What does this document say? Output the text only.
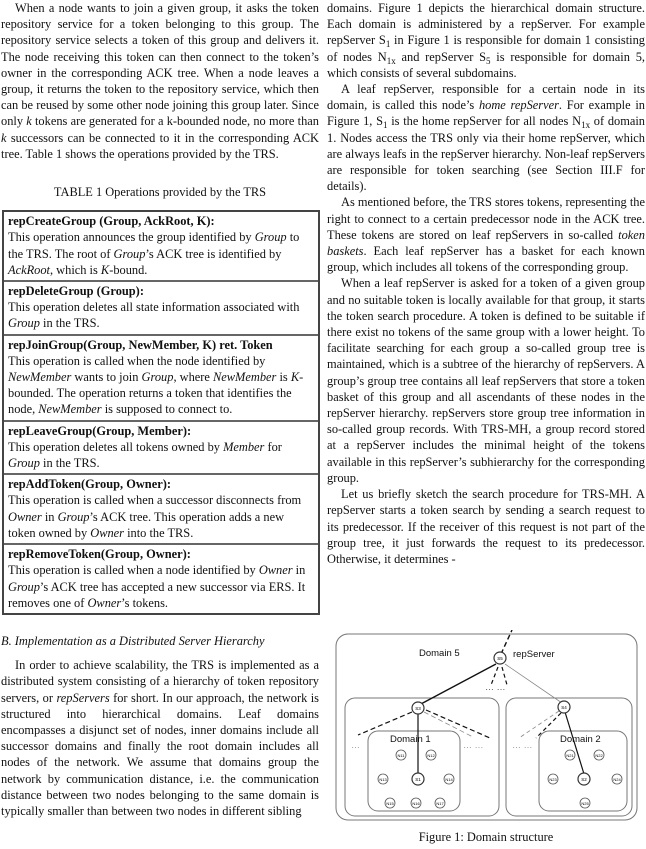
When a node wants to join a given group, it asks the token repository service for a token belonging to this group. The repository service selects a token of this group and delivers it. The node receiving this token can then connect to the token’s owner in the corresponding ACK tree. When a node leaves a group, it returns the token to the repository service, which then can be reused by some other node joining this group later. Since only k tokens are generated for a k-bounded node, no more than k successors can be connected to it in the corresponding ACK tree. Table 1 shows the operations provided by the TRS.

TABLE 1 Operations provided by the TRS
repCreateGroup (Group, AckRoot, K):
This operation announces the group identified by Group to the TRS. The root of Group’s ACK tree is identified by AckRoot, which is K-bound.
repDeleteGroup (Group):
This operation deletes all state information associated with Group in the TRS.
repJoinGroup(Group, NewMember, K) ret. Token
This operation is called when the node identified by NewMember wants to join Group, where NewMember is K-bounded. The operation returns a token that identifies the node, NewMember is supposed to connect to.
repLeaveGroup(Group, Member):
This operation deletes all tokens owned by Member for Group in the TRS.
repAddToken(Group, Owner):
This operation is called when a successor disconnects from Owner in Group’s ACK tree. This operation adds a new token owned by Owner into the TRS.
repRemoveToken(Group, Owner):
This operation is called when a node identified by Owner in Group’s ACK tree has accepted a new successor via ERS. It removes one of Owner’s tokens.

B. Implementation as a Distributed Server Hierarchy

In order to achieve scalability, the TRS is implemented as a distributed system consisting of a hierarchy of token repository servers, or repServers for short. In our approach, the network is structured into hierarchical domains. Leaf domains encompasses a disjunct set of nodes, inner domains include all successor domains and finally the root domain includes all nodes of the network. We assume that domains group the network by communication distance, i.e. the communication distance between two nodes belonging to the same domain is typically smaller than between two nodes in different sibling

domains. Figure 1 depicts the hierarchical domain structure. Each domain is administered by a repServer. For example repServer $S_1$ in Figure 1 is responsible for domain 1 consisting of nodes $N_{1x}$ and repServer $S_5$ is responsible for domain 5, which consists of several subdomains.

A leaf repServer, responsible for a certain node in its domain, is called this node’s home repServer. For example in Figure 1, $S_1$ is the home repServer for all nodes $N_{1x}$ of domain 1. Nodes access the TRS only via their home repServer, which are always leafs in the repServer hierarchy. Non-leaf repServers are responsible for token searching (see Section III.F for details).

As mentioned before, the TRS stores tokens, representing the right to connect to a certain predecessor node in the ACK tree. These tokens are stored on leaf repServers in so-called token baskets. Each leaf repServer has a basket for each known group, which includes all tokens of the corresponding group.

When a leaf repServer is asked for a token of a given group and no suitable token is locally available for that group, it starts the token search procedure. A token is defined to be suitable if there exist no tokens of the same group with a lower height. To facilitate searching for each group a so-called group tree is maintained, which is a subtree of the hierarchy of repServers. A group’s group tree contains all leaf repServers that store a token basket of this group and all ascendants of these nodes in the repServer hierarchy. repServers store group tree information in so-called group records. With TRS-MH, a group record stored at a repServer includes the minimal height of the tokens available in this repServer’s subhierarchy for the corresponding group.

Let us briefly sketch the search procedure for TRS-MH. A repServer starts a token search by sending a search request to its predecessor. If the receiver of this request is not part of the group tree, it just forwards the request to its predecessor. Otherwise, it determines -

… …
…	… …	… …
Domain 5	repServer
Domain 1	Domain 2
S5
S3	S4
S1	S2
N11	N12
N13	N14
N15	N16	N17
N21	N22
N23	N24
N25
Figure 1: Domain structure
